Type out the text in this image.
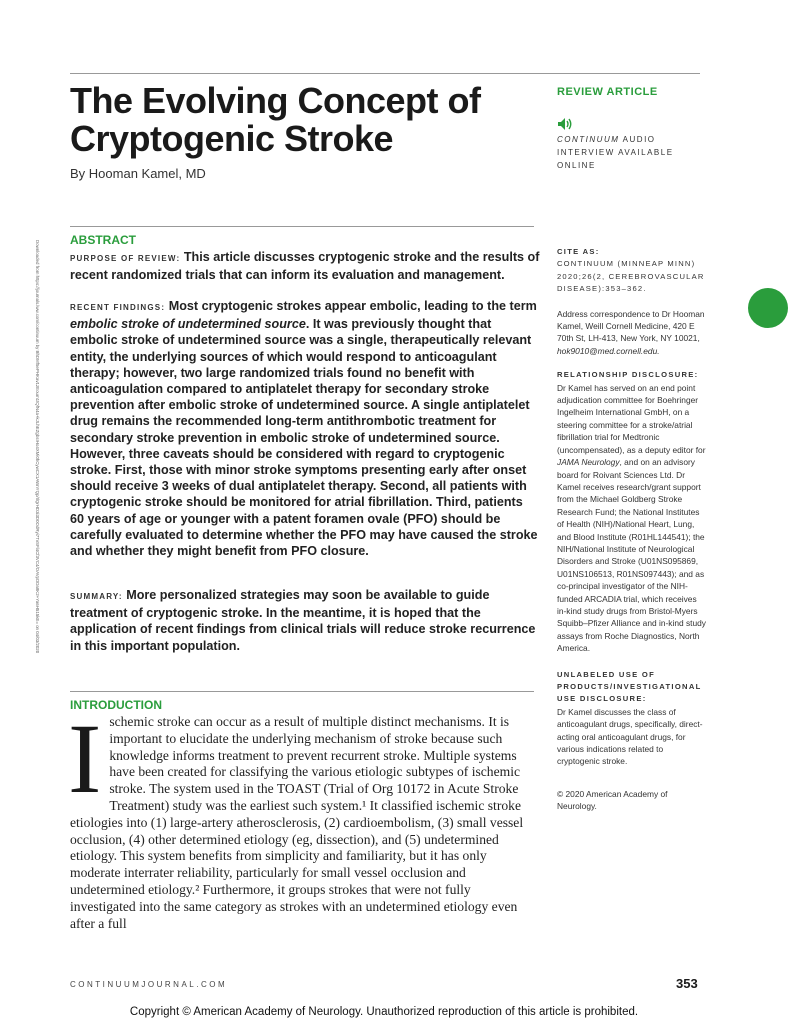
The Evolving Concept of Cryptogenic Stroke
By Hooman Kamel, MD
REVIEW ARTICLE
CONTINUUM AUDIO INTERVIEW AVAILABLE ONLINE
ABSTRACT

PURPOSE OF REVIEW: This article discusses cryptogenic stroke and the results of recent randomized trials that can inform its evaluation and management.

RECENT FINDINGS: Most cryptogenic strokes appear embolic, leading to the term embolic stroke of undetermined source. It was previously thought that embolic stroke of undetermined source was a single, therapeutically relevant entity, the underlying sources of which would respond to anticoagulant therapy; however, two large randomized trials found no benefit with anticoagulation compared to antiplatelet therapy for secondary stroke prevention after embolic stroke of undetermined source. A single antiplatelet drug remains the recommended long-term antithrombotic treatment for secondary stroke prevention in embolic stroke of undetermined source. However, three caveats should be considered with regard to cryptogenic stroke. First, those with minor stroke symptoms presenting early after onset should receive 3 weeks of dual antiplatelet therapy. Second, all patients with cryptogenic stroke should be monitored for atrial fibrillation. Third, patients 60 years of age or younger with a patent foramen ovale (PFO) should be carefully evaluated to determine whether the PFO may have caused the stroke and whether they might benefit from PFO closure.

SUMMARY: More personalized strategies may soon be available to guide treatment of cryptogenic stroke. In the meantime, it is hoped that the application of recent findings from clinical trials will reduce stroke recurrence in this important population.

INTRODUCTION

Ischemic stroke can occur as a result of multiple distinct mechanisms. It is important to elucidate the underlying mechanism of stroke because such knowledge informs treatment to prevent recurrent stroke. Multiple systems have been created for classifying the various etiologic subtypes of ischemic stroke. The system used in the TOAST (Trial of Org 10172 in Acute Stroke Treatment) study was the earliest such system.¹ It classified ischemic stroke etiologies into (1) large-artery atherosclerosis, (2) cardioembolism, (3) small vessel occlusion, (4) other determined etiology (eg, dissection), and (5) undetermined etiology. This system benefits from simplicity and familiarity, but it has only moderate interrater reliability, particularly for small vessel occlusion and undetermined etiology.² Furthermore, it groups strokes that were not fully investigated into the same category as strokes with an undetermined etiology even after a full

CITE AS:
CONTINUUM (MINNEAP MINN) 2020;26(2, CEREBROVASCULAR DISEASE):353–362.
Address correspondence to Dr Hooman Kamel, Weill Cornell Medicine, 420 E 70th St, LH-413, New York, NY 10021, hok9010@med.cornell.edu.
RELATIONSHIP DISCLOSURE:
Dr Kamel has served on an end point adjudication committee for Boehringer Ingelheim International GmbH, on a steering committee for a stroke/atrial fibrillation trial for Medtronic (uncompensated), as a deputy editor for JAMA Neurology, and on an advisory board for Roivant Sciences Ltd. Dr Kamel receives research/grant support from the Michael Goldberg Stroke Research Fund; the National Institutes of Health (NIH)/National Heart, Lung, and Blood Institute (R01HL144541); the NIH/National Institute of Neurological Disorders and Stroke (U01NS095869, U01NS106513, R01NS097443); and as co-principal investigator of the NIH-funded ARCADIA trial, which receives in-kind study drugs from Bristol-Myers Squibb–Pfizer Alliance and in-kind study assays from Roche Diagnostics, North America.
UNLABELED USE OF PRODUCTS/INVESTIGATIONAL USE DISCLOSURE:
Dr Kamel discusses the class of anticoagulant drugs, specifically, direct-acting oral anticoagulant drugs, for various indications related to cryptogenic stroke.
© 2020 American Academy of Neurology.
Downloaded from https://journals.lww.com/continuum by BhDMf5ePHKav1zEoum1tQfN4a+kJLhEZgbsIHo4XMi0hCywCX1AWnYQp/IlQrHD3i3D0OdRyi7TvSFl4Cf3VC4/OAVpDDa8K2+Ya6H515kE= on 04/03/2020
CONTINUUMJOURNAL.COM	353
Copyright © American Academy of Neurology. Unauthorized reproduction of this article is prohibited.
